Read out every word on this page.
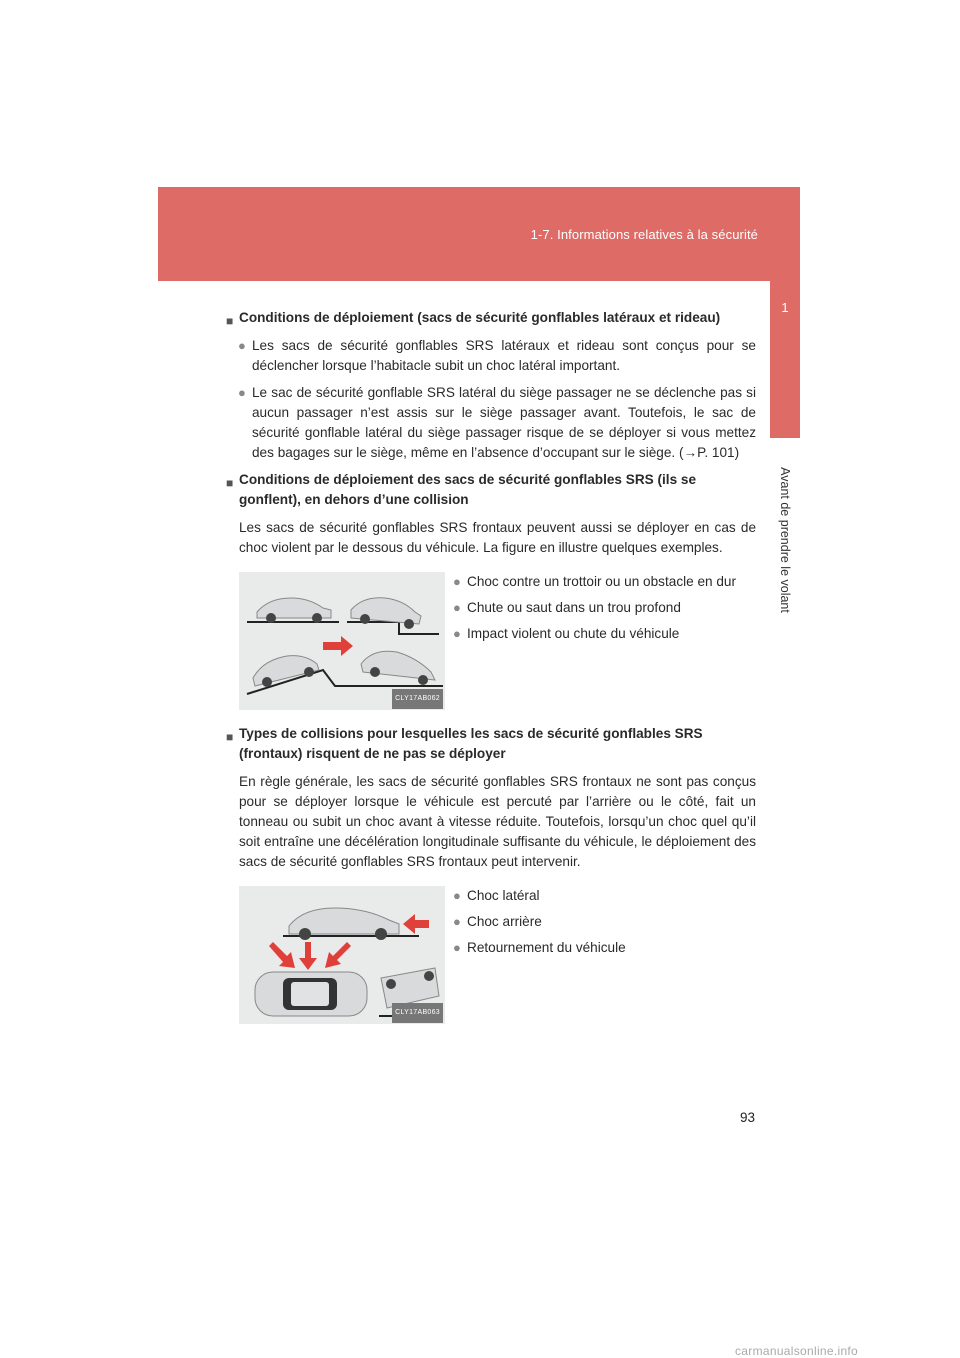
1-7. Informations relatives à la sécurité
1
Avant de prendre le volant
■ Conditions de déploiement (sacs de sécurité gonflables latéraux et rideau)
● Les sacs de sécurité gonflables SRS latéraux et rideau sont conçus pour se déclencher lorsque l’habitacle subit un choc latéral important.
● Le sac de sécurité gonflable SRS latéral du siège passager ne se déclenche pas si aucun passager n’est assis sur le siège passager avant. Toutefois, le sac de sécurité gonflable latéral du siège passager risque de se déployer si vous mettez des bagages sur le siège, même en l’absence d’occupant sur le siège. (→P. 101)
■ Conditions de déploiement des sacs de sécurité gonflables SRS (ils se gonflent), en dehors d’une collision
Les sacs de sécurité gonflables SRS frontaux peuvent aussi se déployer en cas de choc violent par le dessous du véhicule. La figure en illustre quelques exemples.
CLY17AB062
● Choc contre un trottoir ou un obstacle en dur
● Chute ou saut dans un trou profond
● Impact violent ou chute du véhicule
■ Types de collisions pour lesquelles les sacs de sécurité gonflables SRS (frontaux) risquent de ne pas se déployer
En règle générale, les sacs de sécurité gonflables SRS frontaux ne sont pas conçus pour se déployer lorsque le véhicule est percuté par l’arrière ou le côté, fait un tonneau ou subit un choc avant à vitesse réduite. Toutefois, lorsqu’un choc quel qu’il soit entraîne une décélération longitudinale suffisante du véhicule, le déploiement des sacs de sécurité gonflables SRS frontaux peut intervenir.
CLY17AB063
● Choc latéral
● Choc arrière
● Retournement du véhicule
93
carmanualsonline.info
